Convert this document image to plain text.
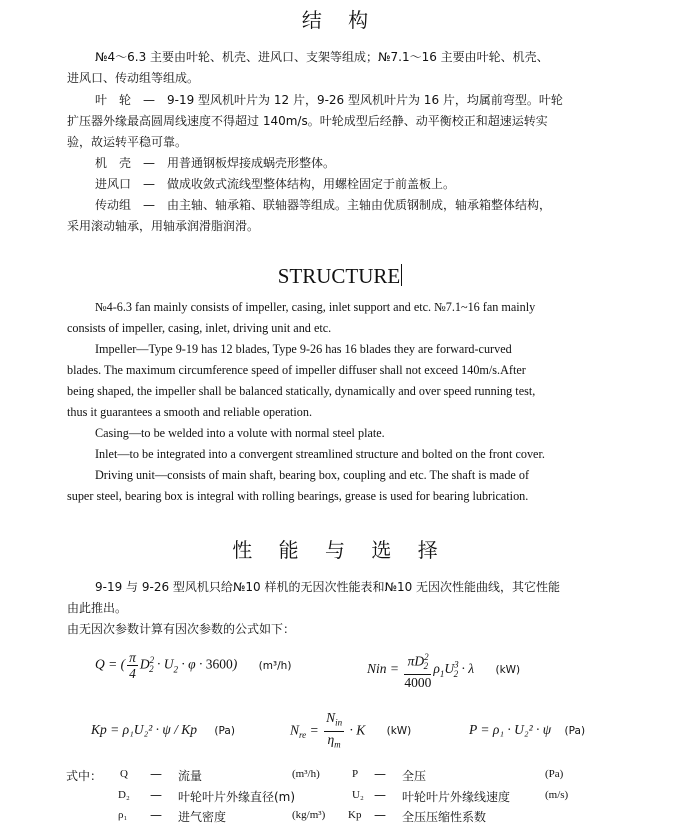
结 构
№4～6.3 主要由叶轮、机壳、进风口、支架等组成；№7.1～16 主要由叶轮、机壳、
进风口、传动组等组成。
叶　轮　—　9-19 型风机叶片为 12 片，9-26 型风机叶片为 16 片，均属前弯型。叶轮
扩压器外缘最高圆周线速度不得超过 140m/s。叶轮成型后经静、动平衡校正和超速运转实
验，故运转平稳可靠。
机　壳　—　用普通钢板焊接成蜗壳形整体。
进风口　—　做成收敛式流线型整体结构，用螺栓固定于前盖板上。
传动组　—　由主轴、轴承箱、联轴器等组成。主轴由优质钢制成，轴承箱整体结构，
采用滚动轴承，用轴承润滑脂润滑。
STRUCTURE
№4-6.3 fan mainly consists of impeller, casing, inlet support and etc. №7.1~16 fan mainly
consists of impeller, casing, inlet, driving unit and etc.
Impeller—Type 9-19 has 12 blades, Type 9-26 has 16 blades they are forward-curved
blades. The maximum circumference speed of impeller diffuser shall not exceed 140m/s.After
being shaped, the impeller shall be balanced statically, dynamically and over speed running test,
thus it guarantees a smooth and reliable operation.
Casing—to be welded into a volute with normal steel plate.
Inlet—to be integrated into a convergent streamlined structure and bolted on the front cover.
Driving unit—consists of main shaft, bearing box, coupling and etc. The shaft is made of
super steel, bearing box is integral with rolling bearings, grease is used for bearing lubrication.
性 能 与 选 择
9-19 与 9-26 型风机只给№10 样机的无因次性能表和№10 无因次性能曲线，其它性能
由此推出。
由无因次参数计算有因次参数的公式如下：
Q = ( $\frac{\pi}{4} D^2_2 \cdot U_2 \cdot \varphi \cdot 3600$) (m³/h)	Nin = $\frac{\pi D^2_2}{4000} \rho_1U^3_2 \cdot \lambda$ (kW)
Kp = ρ₁U₂² · ψ / Kp (Pa)	$N_{re} = \frac{N_{in}}{\eta_m} \cdot K$ (kW)	P = ρ₁ · U₂² · ψ (Pa)
式中： Q — 流量	(m³/h)	P — 全压	(Pa)
D₂ — 叶轮叶片外缘直径(m)	U₂ — 叶轮叶片外缘线速度	(m/s)
ρ₁ — 进气密度	(kg/m³) Kp — 全压压缩性系数
